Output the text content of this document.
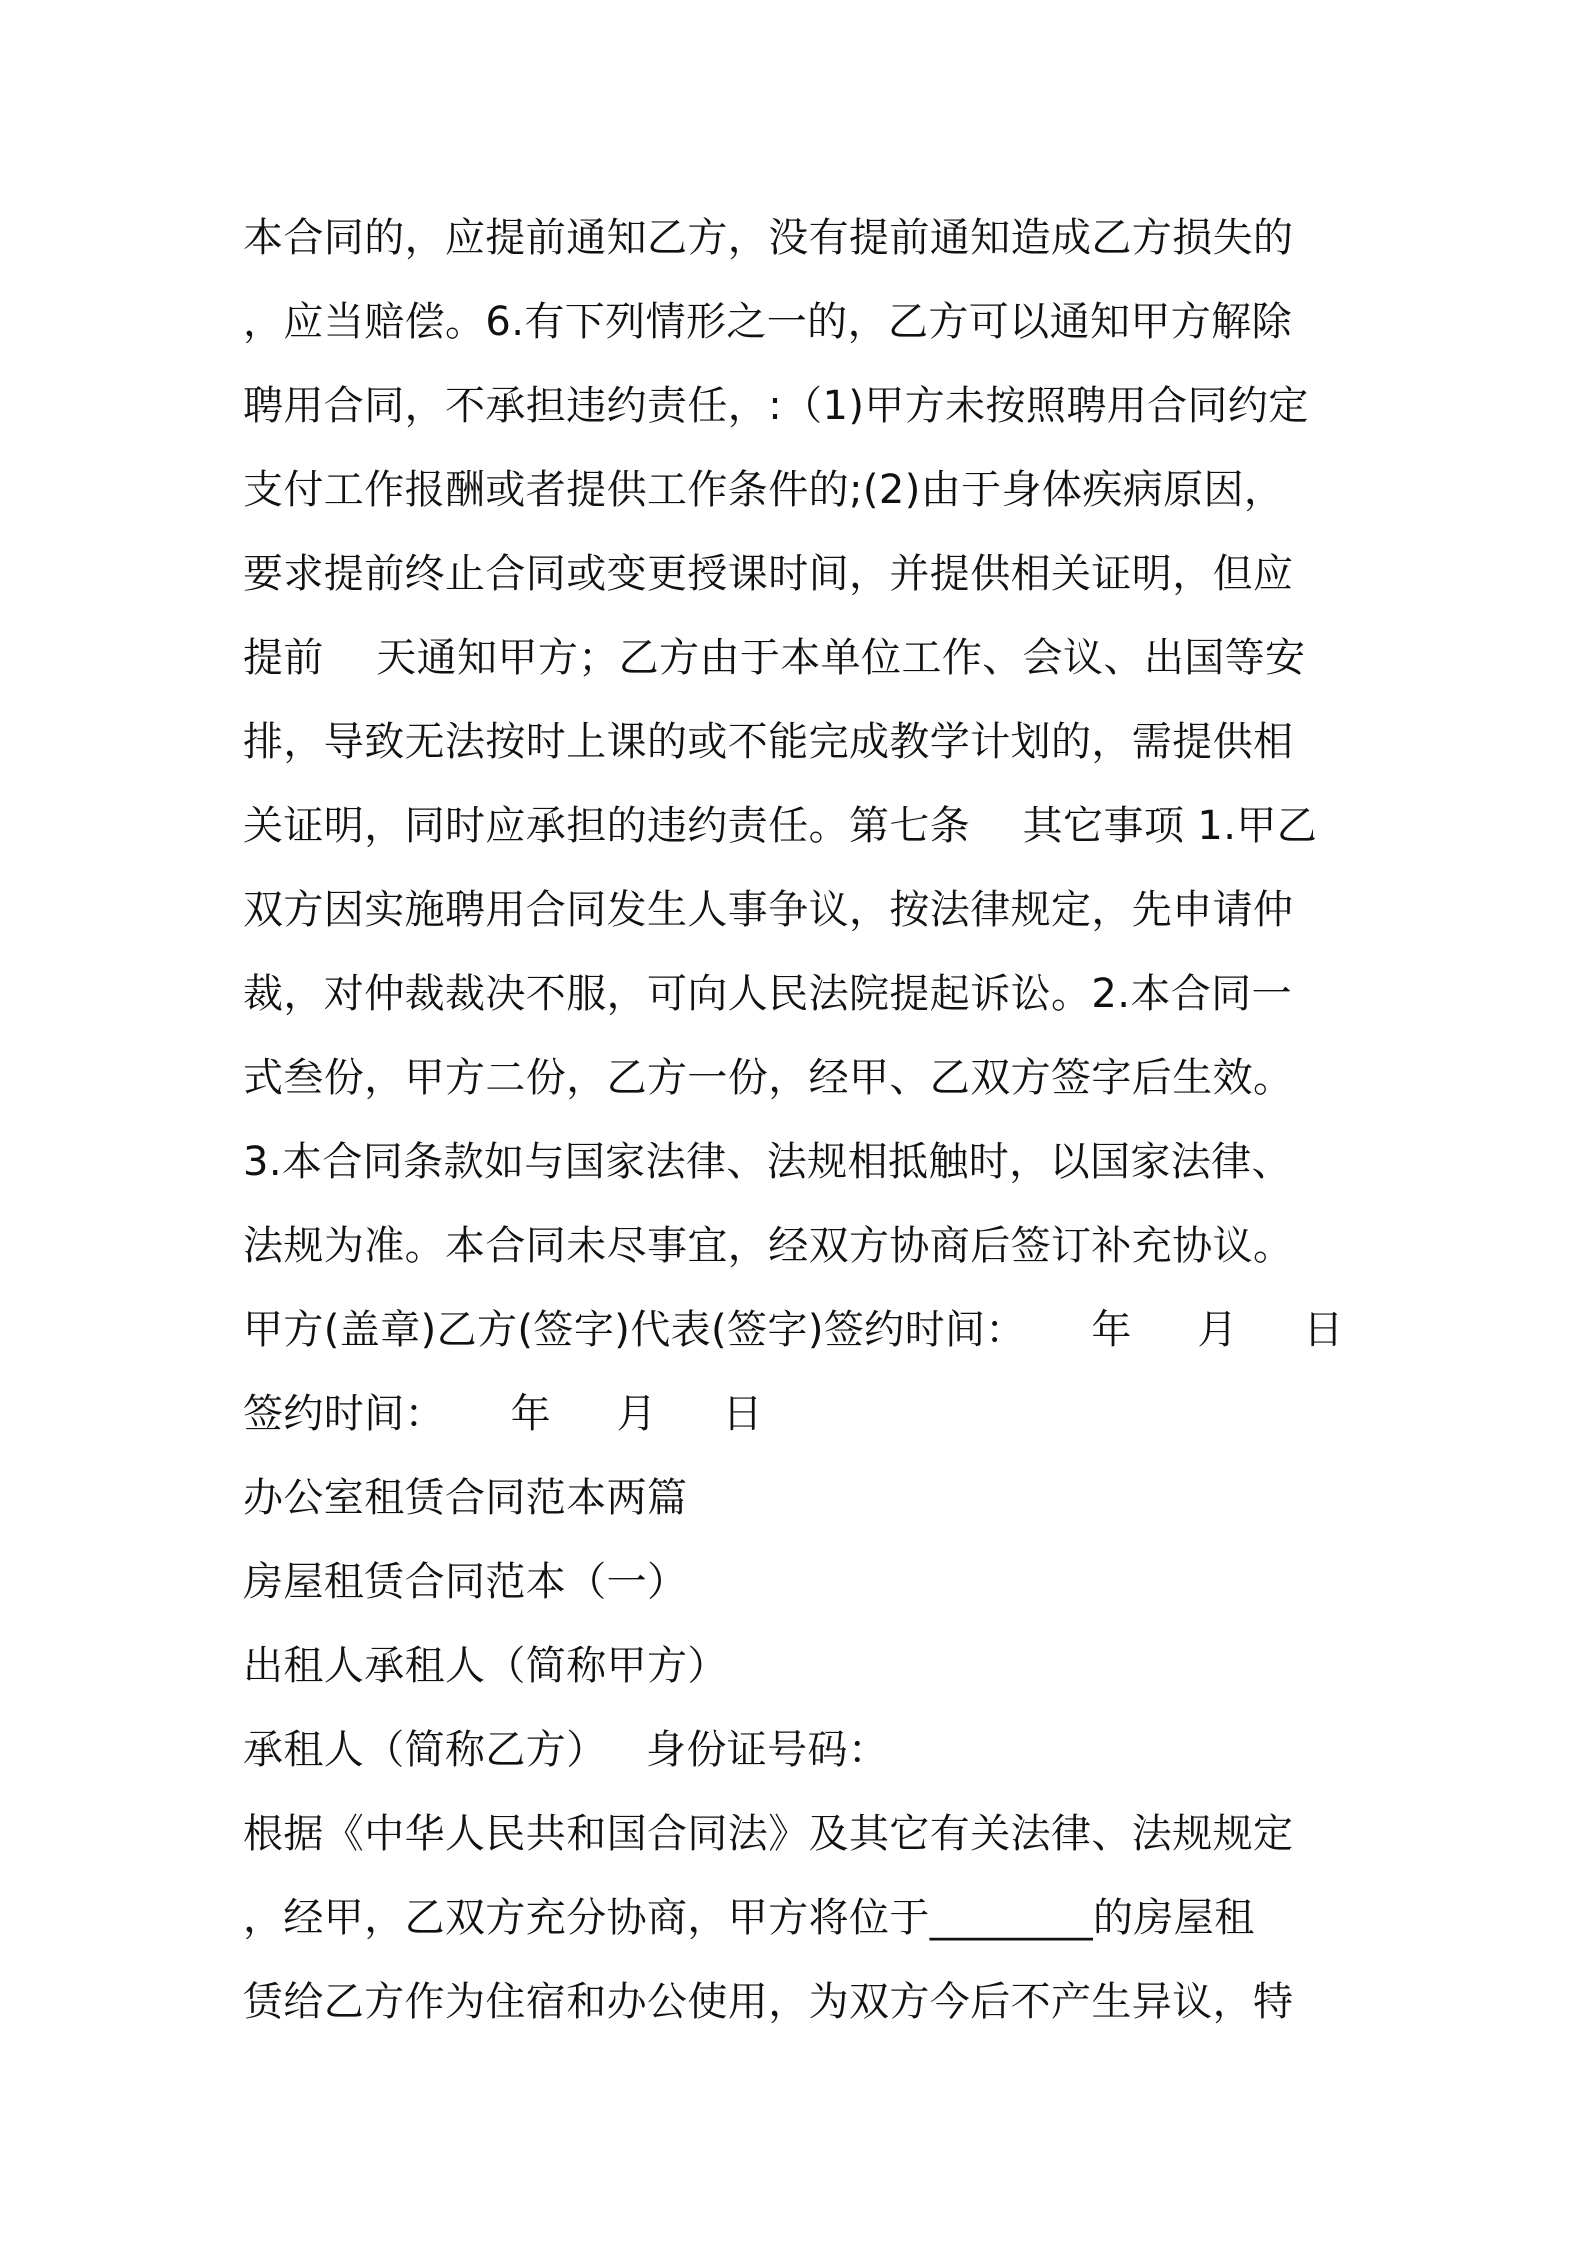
本合同的，应提前通知乙方，没有提前通知造成乙方损失的
，应当赔偿。6.有下列情形之一的，乙方可以通知甲方解除
聘用合同，不承担违约责任，:（1)甲方未按照聘用合同约定
支付工作报酬或者提供工作条件的;(2)由于身体疾病原因，
要求提前终止合同或变更授课时间，并提供相关证明，但应
提前    天通知甲方；乙方由于本单位工作、会议、出国等安
排，导致无法按时上课的或不能完成教学计划的，需提供相
关证明，同时应承担的违约责任。第七条    其它事项 1.甲乙
双方因实施聘用合同发生人事争议，按法律规定，先申请仲
裁，对仲裁裁决不服，可向人民法院提起诉讼。2.本合同一
式叁份，甲方二份，乙方一份，经甲、乙双方签字后生效。
3.本合同条款如与国家法律、法规相抵触时，以国家法律、
法规为准。本合同未尽事宜，经双方协商后签订补充协议。
甲方(盖章)乙方(签字)代表(签字)签约时间：     年     月     日
签约时间：     年     月     日
办公室租赁合同范本两篇
房屋租赁合同范本（一）
出租人承租人（简称甲方）
承租人（简称乙方）   身份证号码：
根据《中华人民共和国合同法》及其它有关法律、法规规定
，经甲，乙双方充分协商，甲方将位于________的房屋租
赁给乙方作为住宿和办公使用，为双方今后不产生异议，特
